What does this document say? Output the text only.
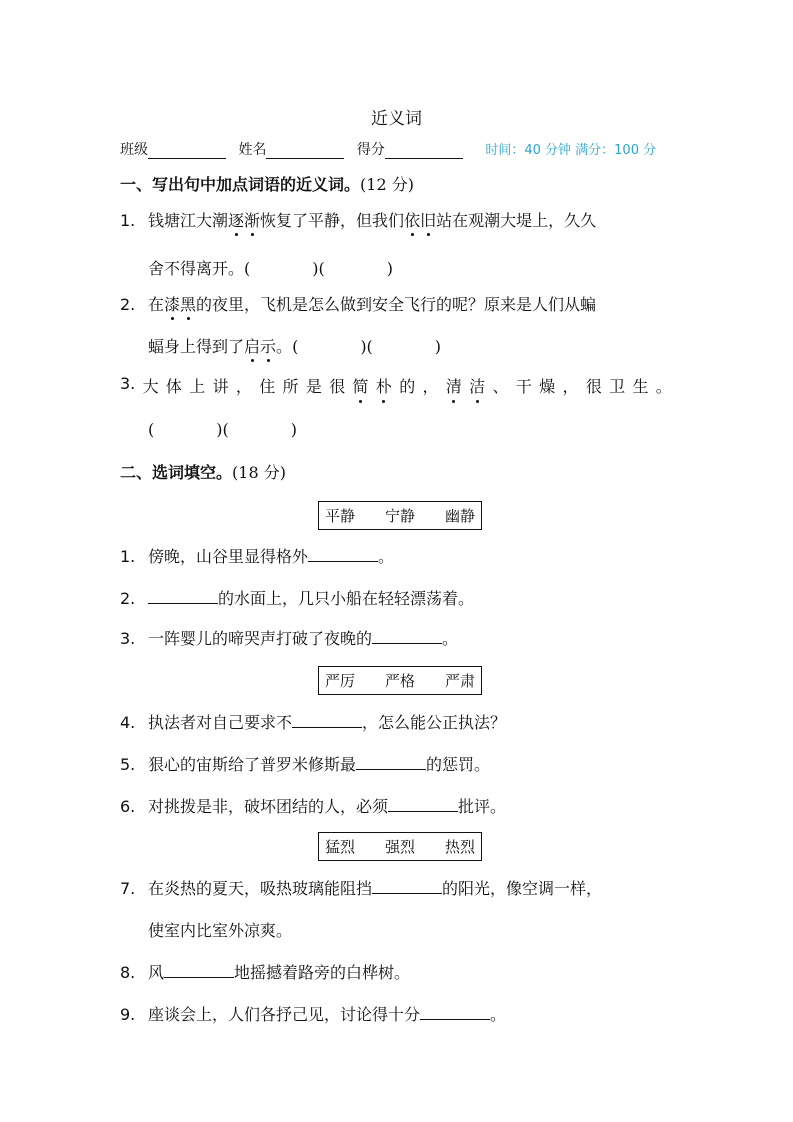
近义词
班级	姓名	得分	时间：40 分钟 满分：100 分
一、写出句中加点词语的近义词。(12 分)
1. 钱塘江大潮逐渐恢复了平静，但我们依旧站在观潮大堤上，久久
舍不得离开。(	)(	)
2. 在漆黑的夜里，飞机是怎么做到安全飞行的呢？原来是人们从蝙
蝠身上得到了启示。(	)(	)
3. 大 体 上 讲 ， 住 所 是 很 简 朴 的 ， 清 洁 、 干 燥 ， 很 卫 生 。
(	)(	)
二、选词填空。(18 分)
平静 宁静 幽静
1. 傍晚，山谷里显得格外	。
2.	的水面上，几只小船在轻轻漂荡着。
3. 一阵婴儿的啼哭声打破了夜晚的	。
严厉 严格 严肃
4. 执法者对自己要求不	，怎么能公正执法？
5. 狠心的宙斯给了普罗米修斯最	的惩罚。
6. 对挑拨是非，破坏团结的人，必须	批评。
猛烈 强烈 热烈
7. 在炎热的夏天，吸热玻璃能阻挡	的阳光，像空调一样，
使室内比室外凉爽。
8. 风	地摇撼着路旁的白桦树。
9. 座谈会上，人们各抒己见，讨论得十分	。
